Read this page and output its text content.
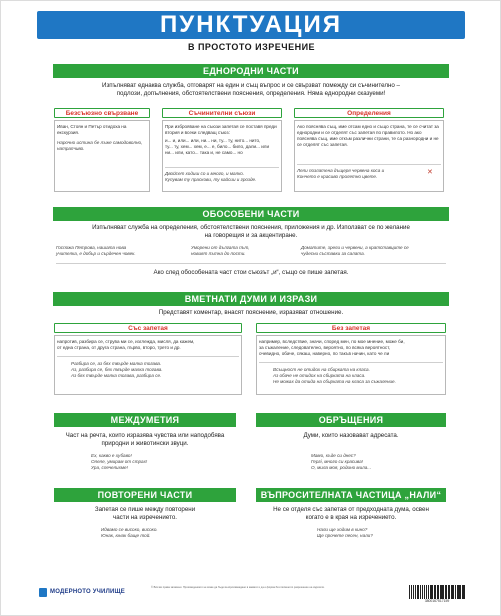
ПУНКТУАЦИЯ
В ПРОСТОТО ИЗРЕЧЕНИЕ
ЕДНОРОДНИ ЧАСТИ
Изпълняват еднаква служба, отговарят на един и същ въпрос и се свързват помежду си съчинително –
подлози, допълнения, обстоятелствени пояснения, определения. Няма еднородни сказуеми!
Безсъюзно свързване	Съчинителни съюзи	Определения
Иван, Стоян и Петър отидоха на екскурзия.
Нарочно истина бе лъже самодоволно, натрапчиво.
При изброяване на съюзи запетая се поставя преди втория и всеки следващ съюз:
и... и, или... или, ни... ни, ту... ту, нито... нито,
ту... ту, хем... хем, е... е, било... било, дали... или
ни... или, като... така и, не само... но
Двойсет ходиш со и много, и малко.
Купувам ту праскови, ту кайсии и грозде.
Ако пояснява същ, име отсам едно и също страна, те се считат за еднородни и се отделят със запетая по правилото. Но ако
пояснява същ, име откъм различни страни, те са разнородни и не се отделят със запетая.
Лели позлатена дъщеря червена коса и
Кончето е красиво пролетно цвете.
✕
ОБОСОБЕНИ ЧАСТИ
Изпълняват служба на определения, обстоятелствени пояснения, приложения и др. Използват се по желание
на говорещия и за акцентиране.
Госпожа Петрова, нашата нова
учителка, е добър и сърдечен човек.
Уморени от дългата път,
новият пътна до пости.
Доматите, зрели и червени, а кратставците се
чудесни съставки за салата.
Ако след обособената част стои съюзът „и“, също се пише запетая.
ВМЕТНАТИ ДУМИ И ИЗРАЗИ
Представят коментар, внасят пояснение, изразяват отношение.
Със запетая	Без запетая
напротив, разбира се, струва ми се, изглежда, мисля, да кажем,
от една страна, от друга страна, първо, второ, трето и др.
Разбира се, аз бях твърде малка тогава.
Аз, разбира се, бях твърде малка тогава.
Аз бях твърде малка тогава, разбира се.
например, вследствие, значи, според мен, по мое мнение, може би,
за съжаление, следователно, вероятно, по всяка вероятност,
очевидно, обаче, сякаш, наверно, по такъв начин, като че ли
Всъщност не отидох на сбирката на класа.
Аз обаче не отидох на сбирката на класа.
Не можах да отида на сбирката на класа за съжаление.
МЕЖДУМЕТИЯ
Част на речта, които изразява чувства или наподобява
природни и животински звуци.
Ех, какво е хубаво!
Олеле, умирам от страх!
Ура, спечелихме!
ОБРЪЩЕНИЯ
Думи, които назовават адресата.
Мамо, къде си днес?
Гергі, много си красива!
О, мила моя, родино мила...
ПОВТОРЕНИ ЧАСТИ
Запетая се пише между повторени
части на изречението.
Идвамо се високо, високо.
Юнак, юнак баще той.
ВЪПРОСИТЕЛНАТА ЧАСТИЦА „НАЛИ“
Не се отделя със запетая от предходната дума, освен
когато е в края на изречението.
Нали ще ходим в кино?
Ще прочете песен, нали?
МОДЕРНОТО УЧИЛИЩЕ
© Всички права запазени. Произведението не може да бъде възпроизвеждано в каквато и да е форма без писменото разрешение на издателя.
3800167517159
